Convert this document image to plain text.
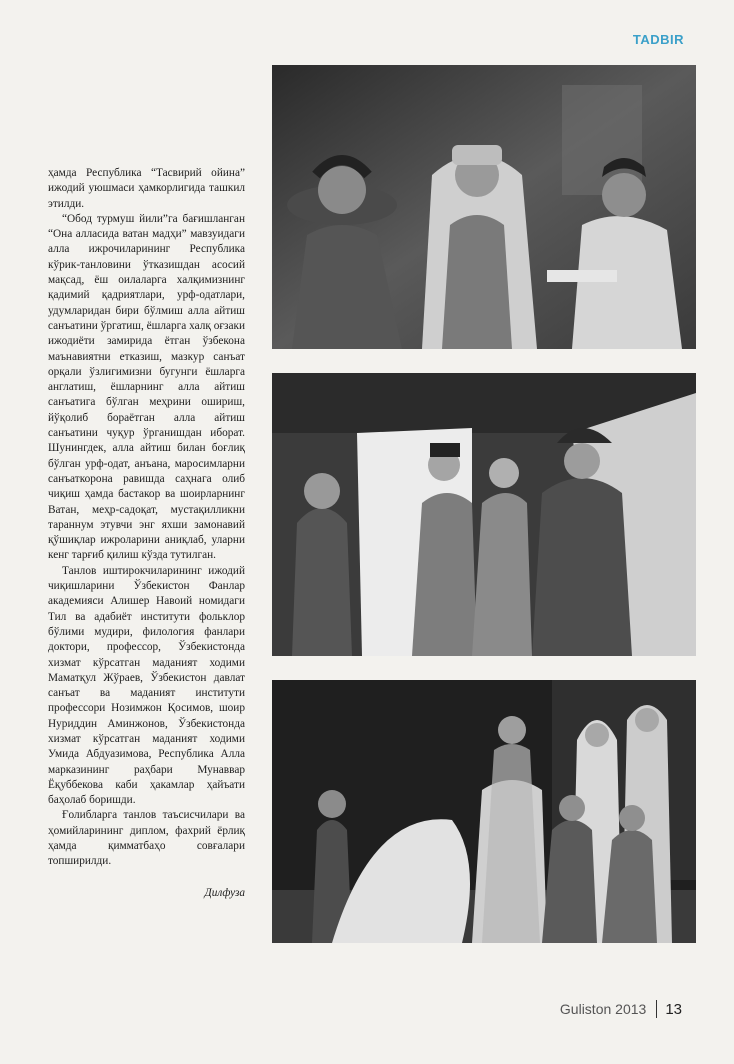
TADBIR

ҳамда Республика “Тасвирий ойина” ижодий уюшмаси ҳамкорлигида ташкил этилди.

“Обод турмуш йили”га бағишланган “Она алласида ватан мадҳи” мавзуидаги алла ижрочиларининг Республика кўрик-танловини ўтказишдан асосий мақсад, ёш оилаларга халқимизнинг қадимий қадриятлари, урф-одатлари, удумларидан бири бўлмиш алла айтиш санъатини ўргатиш, ёшларга халқ оғзаки ижодиёти замирида ётган ўзбекона маънавиятни етказиш, мазкур санъат орқали ўзлигимизни бугунги ёшларга англатиш, ёшларнинг алла айтиш санъатига бўлган меҳрини ошириш, йўқолиб бораётган алла айтиш санъатини чуқур ўрганишдан иборат. Шунингдек, алла айтиш билан боғлиқ бўлган урф-одат, анъана, маросимларни санъаткорона равишда саҳнага олиб чиқиш ҳамда бастакор ва шоирларнинг Ватан, меҳр-садоқат, мустақилликни тараннум этувчи энг яхши замонавий қўшиқлар ижроларини аниқлаб, уларни кенг тарғиб қилиш кўзда тутилган.

Танлов иштирокчиларининг ижодий чиқишларини Ўзбекистон Фанлар академияси Алишер Навоий номидаги Тил ва адабиёт институти фольклор бўлими мудири, филология фанлари доктори, профессор, Ўзбекистонда хизмат кўрсатган маданият ходими Маматқул Жўраев, Ўзбекистон давлат санъат ва маданият институти профессори Нозимжон Қосимов, шоир Нуриддин Аминжонов, Ўзбекистонда хизмат кўрсатган маданият ходими Умида Абдуазимова, Республика Алла марказининг раҳбари Мунаввар Ёқуббекова каби ҳакамлар ҳайъати баҳолаб боришди.

Ғолибларга танлов таъсисчилари ва ҳомийларининг диплом, фахрий ёрлиқ ҳамда қимматбаҳо совғалари топширилди.

Дилфуза
Guliston 2013 13
